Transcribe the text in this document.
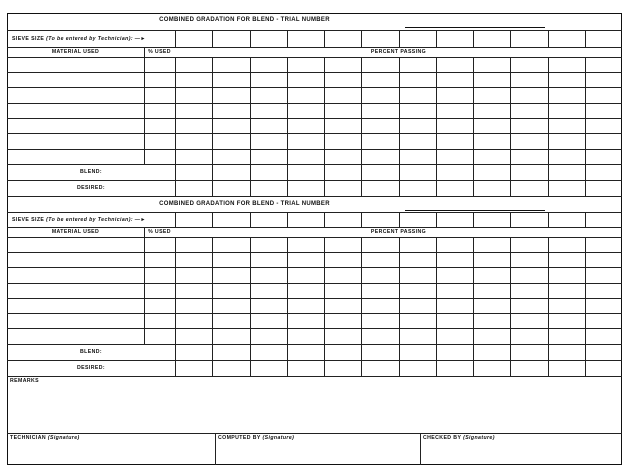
COMBINED GRADATION FOR BLEND - TRIAL NUMBER
SIEVE SIZE (To be entered by Technician): —►
MATERIAL USED	% USED	PERCENT PASSING
BLEND:
DESIRED:
COMBINED GRADATION FOR BLEND - TRIAL NUMBER
SIEVE SIZE (To be entered by Technician): —►
MATERIAL USED	% USED	PERCENT PASSING
BLEND:
DESIRED:
REMARKS
TECHNICIAN (Signature)	COMPUTED BY (Signature)	CHECKED BY (Signature)
